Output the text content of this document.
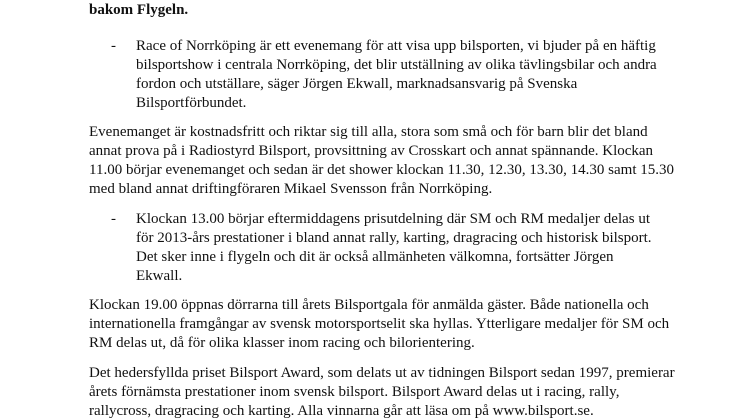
bakom Flygeln.

- Race of Norrköping är ett evenemang för att visa upp bilsporten, vi bjuder på en häftig bilsportshow i centrala Norrköping, det blir utställning av olika tävlingsbilar och andra fordon och utställare, säger Jörgen Ekwall, marknadsansvarig på Svenska Bilsportförbundet.

Evenemanget är kostnadsfritt och riktar sig till alla, stora som små och för barn blir det bland annat prova på i Radiostyrd Bilsport, provsittning av Crosskart och annat spännande. Klockan 11.00 börjar evenemanget och sedan är det shower klockan 11.30, 12.30, 13.30, 14.30 samt 15.30 med bland annat driftingföraren Mikael Svensson från Norrköping.

- Klockan 13.00 börjar eftermiddagens prisutdelning där SM och RM medaljer delas ut för 2013-års prestationer i bland annat rally, karting, dragracing och historisk bilsport. Det sker inne i flygeln och dit är också allmänheten välkomna, fortsätter Jörgen Ekwall.

Klockan 19.00 öppnas dörrarna till årets Bilsportgala för anmälda gäster. Både nationella och internationella framgångar av svensk motorsportselit ska hyllas. Ytterligare medaljer för SM och RM delas ut, då för olika klasser inom racing och bilorientering.

Det hedersfyllda priset Bilsport Award, som delats ut av tidningen Bilsport sedan 1997, premierar årets förnämsta prestationer inom svensk bilsport. Bilsport Award delas ut i racing, rally, rallycross, dragracing och karting. Alla vinnarna går att läsa om på www.bilsport.se.
